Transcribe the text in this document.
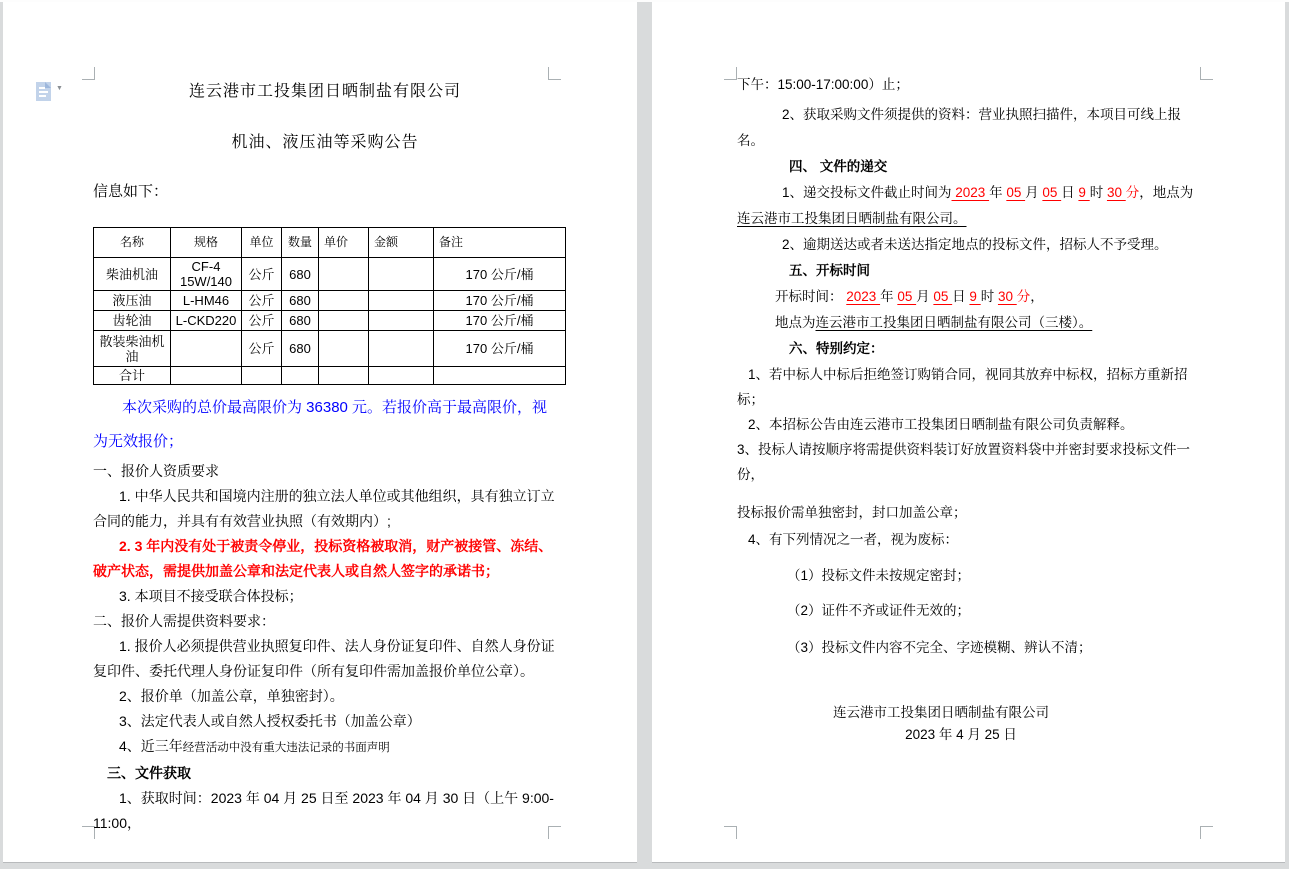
▼	连云港市工投集团日晒制盐有限公司
机油、液压油等采购公告

信息如下：

名称	规格	单位	数量	单价	金额	备注
柴油机油	CF-4 15W/140	公斤	680			170 公斤/桶
液压油	L-HM46	公斤	680			170 公斤/桶
齿轮油	L-CKD220	公斤	680			170 公斤/桶
散装柴油机油		公斤	680			170 公斤/桶
合计						

本次采购的总价最高限价为 36380 元。若报价高于最高限价，视为无效报价；

一、报价人资质要求

1. 中华人民共和国境内注册的独立法人单位或其他组织，具有独立订立合同的能力，并具有有效营业执照（有效期内）;

2. 3 年内没有处于被责令停业，投标资格被取消，财产被接管、冻结、破产状态，需提供加盖公章和法定代表人或自然人签字的承诺书；

3. 本项目不接受联合体投标；

二、报价人需提供资料要求：

1. 报价人必须提供营业执照复印件、法人身份证复印件、自然人身份证复印件、委托代理人身份证复印件（所有复印件需加盖报价单位公章）。

2、报价单（加盖公章，单独密封）。

3、法定代表人或自然人授权委托书（加盖公章）

4、近三年经营活动中没有重大违法记录的书面声明

三、文件获取

1、获取时间：2023 年 04 月 25 日至 2023 年 04 月 30 日（上午 9:00-11:00，

下午：15:00-17:00:00）止；

2、获取采购文件须提供的资料：营业执照扫描件，本项目可线上报名。

四、 文件的递交

1、递交投标文件截止时间为 2023 年 05 月 05 日 9 时 30 分，地点为连云港市工投集团日晒制盐有限公司。

2、逾期送达或者未送达指定地点的投标文件，招标人不予受理。

五、开标时间

开标时间： 2023 年 05 月 05 日 9 时 30 分，

地点为连云港市工投集团日晒制盐有限公司（三楼）。

六、特别约定：

1、若中标人中标后拒绝签订购销合同，视同其放弃中标权，招标方重新招标；

2、本招标公告由连云港市工投集团日晒制盐有限公司负责解释。

3、投标人请按顺序将需提供资料装订好放置资料袋中并密封要求投标文件一份，

投标报价需单独密封，封口加盖公章；

4、有下列情况之一者，视为废标：

（1）投标文件未按规定密封；

（2）证件不齐或证件无效的；

（3）投标文件内容不完全、字迹模糊、辨认不清；

连云港市工投集团日晒制盐有限公司

2023 年 4 月 25 日
